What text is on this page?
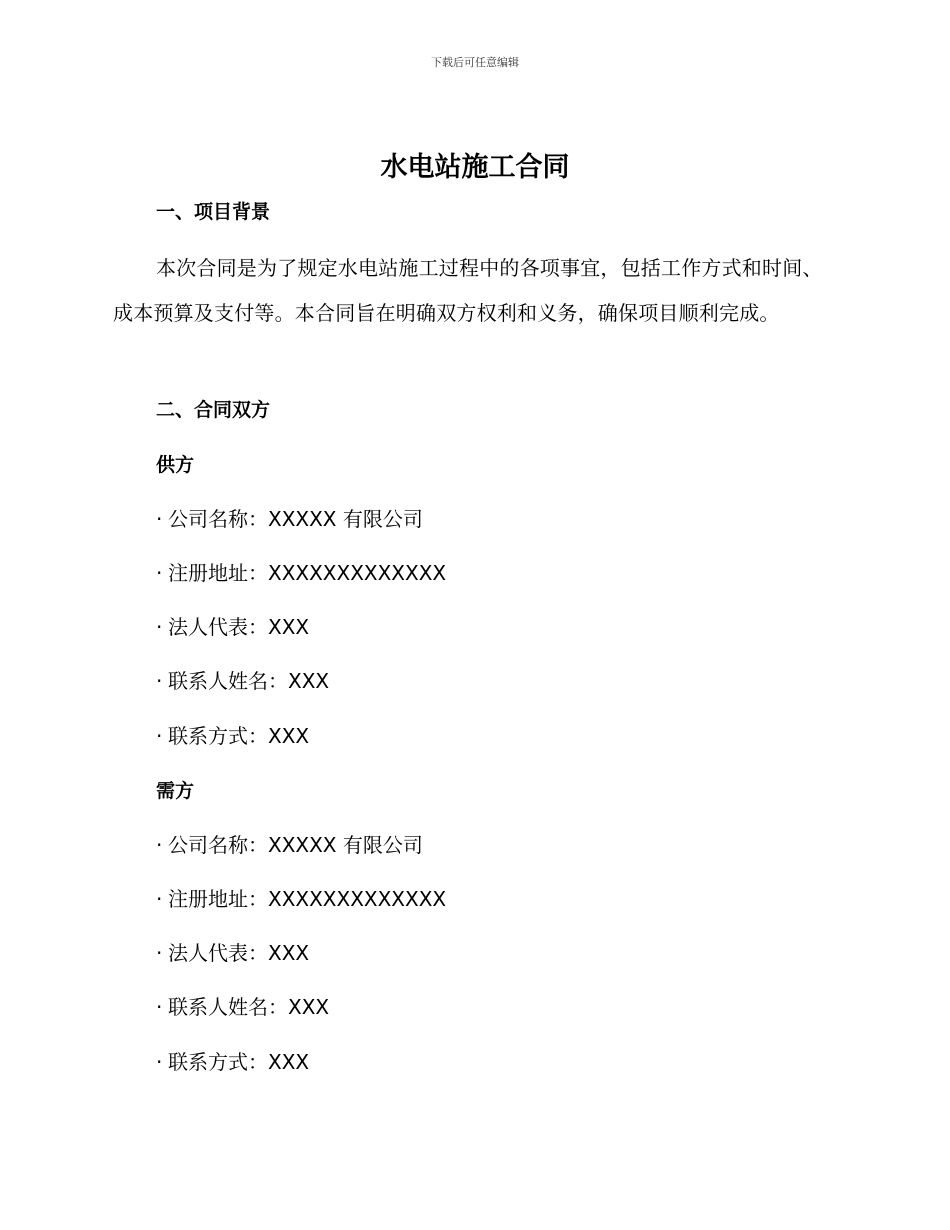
下载后可任意编辑
水电站施工合同
一、项目背景

本次合同是为了规定水电站施工过程中的各项事宜，包括工作方式和时间、成本预算及支付等。本合同旨在明确双方权利和义务，确保项目顺利完成。

二、合同双方
供方
· 公司名称：XXXXX 有限公司
· 注册地址：XXXXXXXXXXXXX
· 法人代表：XXX
· 联系人姓名：XXX
· 联系方式：XXX
需方
· 公司名称：XXXXX 有限公司
· 注册地址：XXXXXXXXXXXXX
· 法人代表：XXX
· 联系人姓名：XXX
· 联系方式：XXX
